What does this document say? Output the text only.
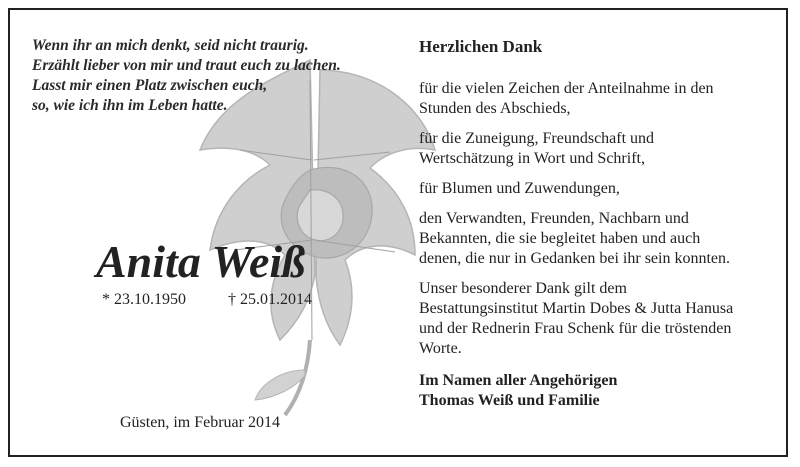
Wenn ihr an mich denkt, seid nicht traurig.
Erzählt lieber von mir und traut euch zu lachen.
Lasst mir einen Platz zwischen euch,
so, wie ich ihn im Leben hatte.
Anita Weiß
* 23.10.1950	† 25.01.2014
Güsten, im Februar 2014
Herzlichen Dank
für die vielen Zeichen der Anteilnahme in den
Stunden des Abschieds,
für die Zuneigung, Freundschaft und
Wertschätzung in Wort und Schrift,
für Blumen und Zuwendungen,
den Verwandten, Freunden, Nachbarn und
Bekannten, die sie begleitet haben und auch
denen, die nur in Gedanken bei ihr sein konnten.
Unser besonderer Dank gilt dem
Bestattungsinstitut Martin Dobes & Jutta Hanusa
und der Rednerin Frau Schenk für die tröstenden
Worte.
Im Namen aller Angehörigen
Thomas Weiß und Familie
